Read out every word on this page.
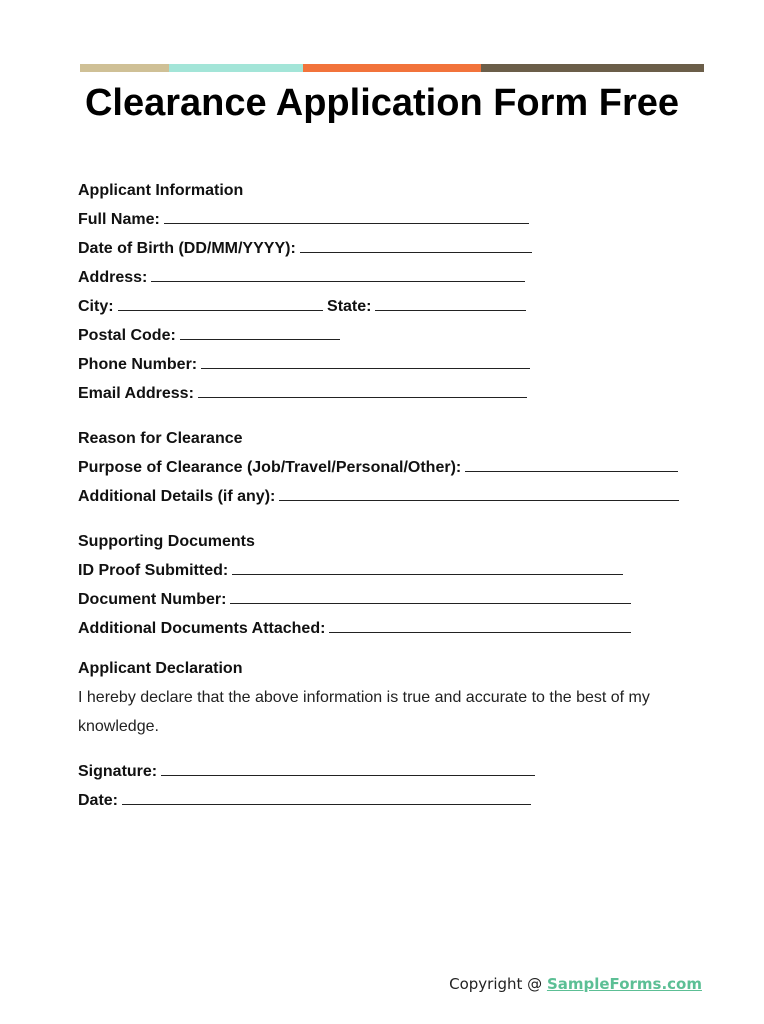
Clearance Application Form Free
Applicant Information
Full Name:
Date of Birth (DD/MM/YYYY):
Address:
City:	State:
Postal Code:
Phone Number:
Email Address:
Reason for Clearance
Purpose of Clearance (Job/Travel/Personal/Other):
Additional Details (if any):
Supporting Documents
ID Proof Submitted:
Document Number:
Additional Documents Attached:
Applicant Declaration

I hereby declare that the above information is true and accurate to the best of my knowledge.

Signature:
Date:
Copyright @ SampleForms.com
